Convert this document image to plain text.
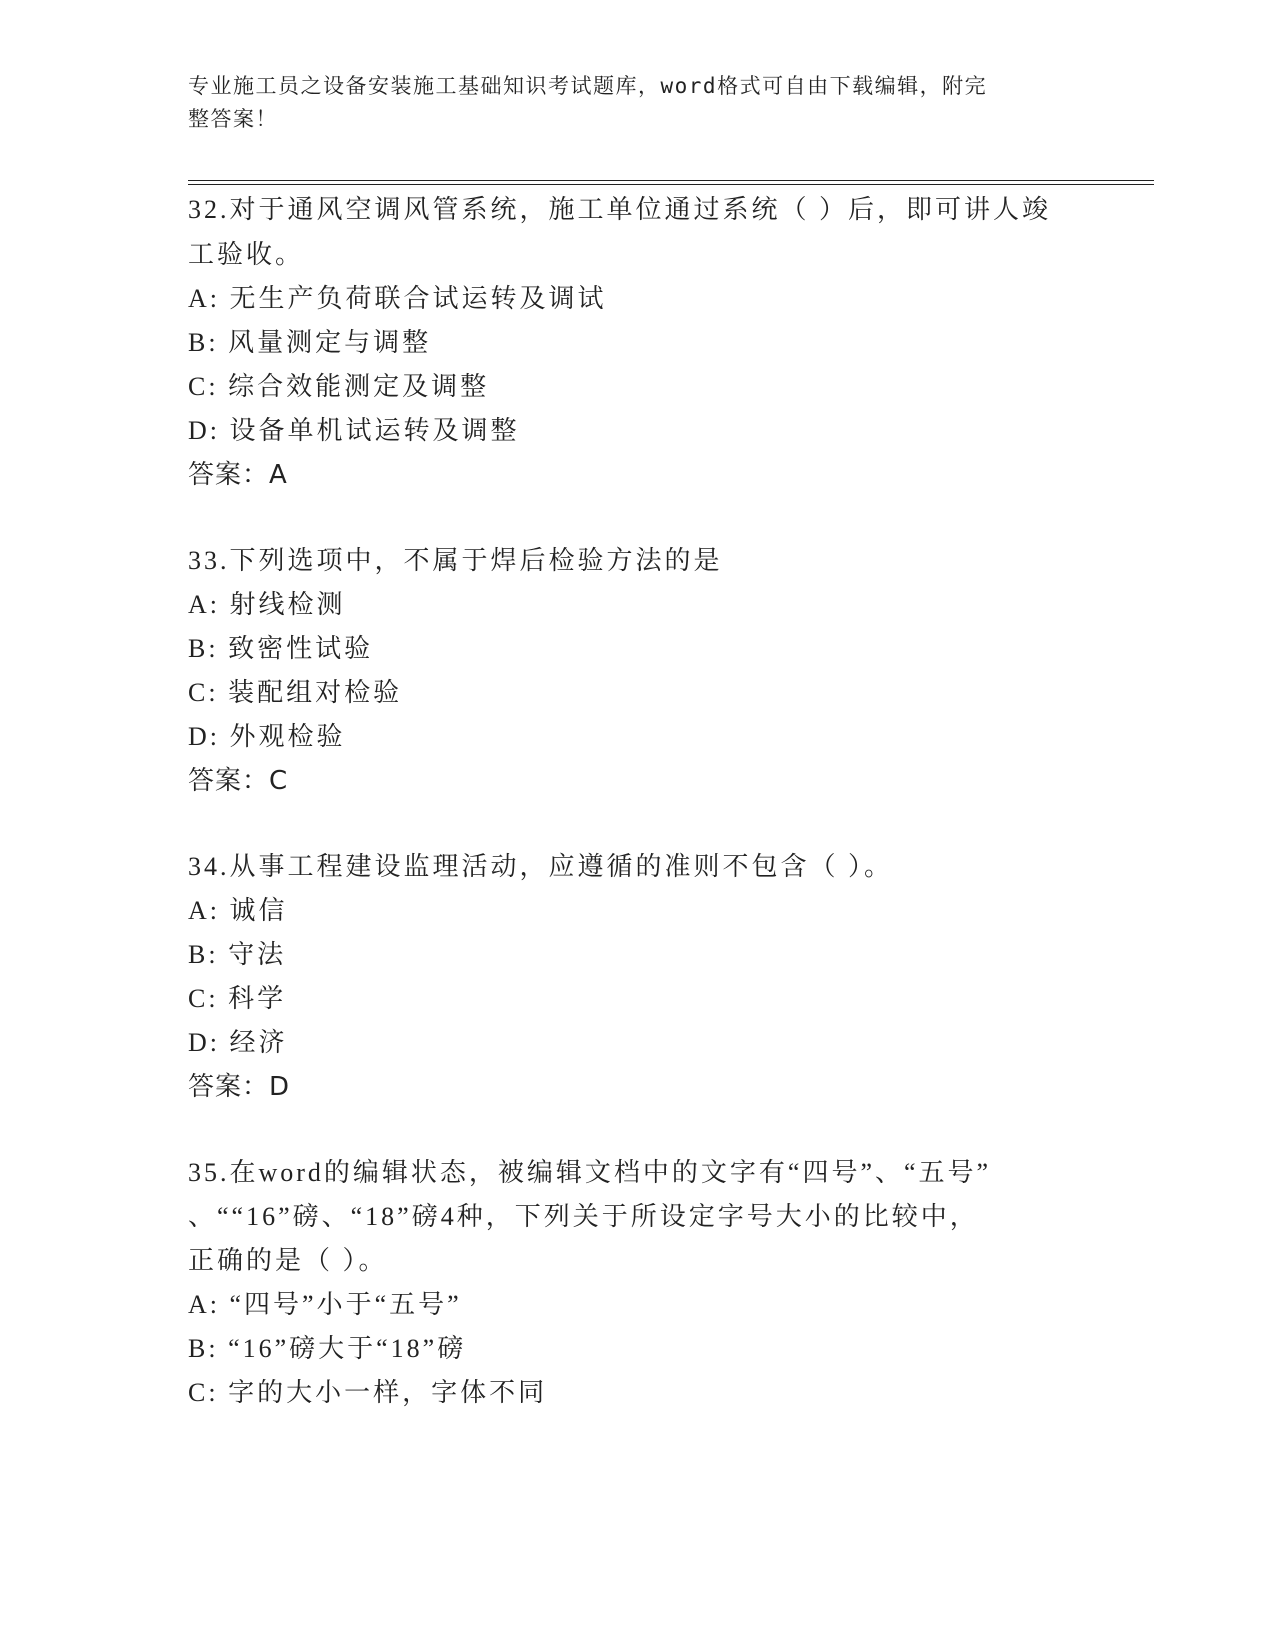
专业施工员之设备安装施工基础知识考试题库，word格式可自由下载编辑，附完
整答案！
32.对于通风空调风管系统，施工单位通过系统（ ）后，即可讲人竣
工验收。
A: 无生产负荷联合试运转及调试
B: 风量测定与调整
C: 综合效能测定及调整
D: 设备单机试运转及调整
答案：A
33.下列选项中，不属于焊后检验方法的是
A: 射线检测
B: 致密性试验
C: 装配组对检验
D: 外观检验
答案：C
34.从事工程建设监理活动，应遵循的准则不包含（ ）。
A: 诚信
B: 守法
C: 科学
D: 经济
答案：D
35.在word的编辑状态，被编辑文档中的文字有“四号”、“五号”
、““16”磅、“18”磅4种，下列关于所设定字号大小的比较中，
正确的是（ ）。
A: “四号”小于“五号”
B: “16”磅大于“18”磅
C: 字的大小一样，字体不同
